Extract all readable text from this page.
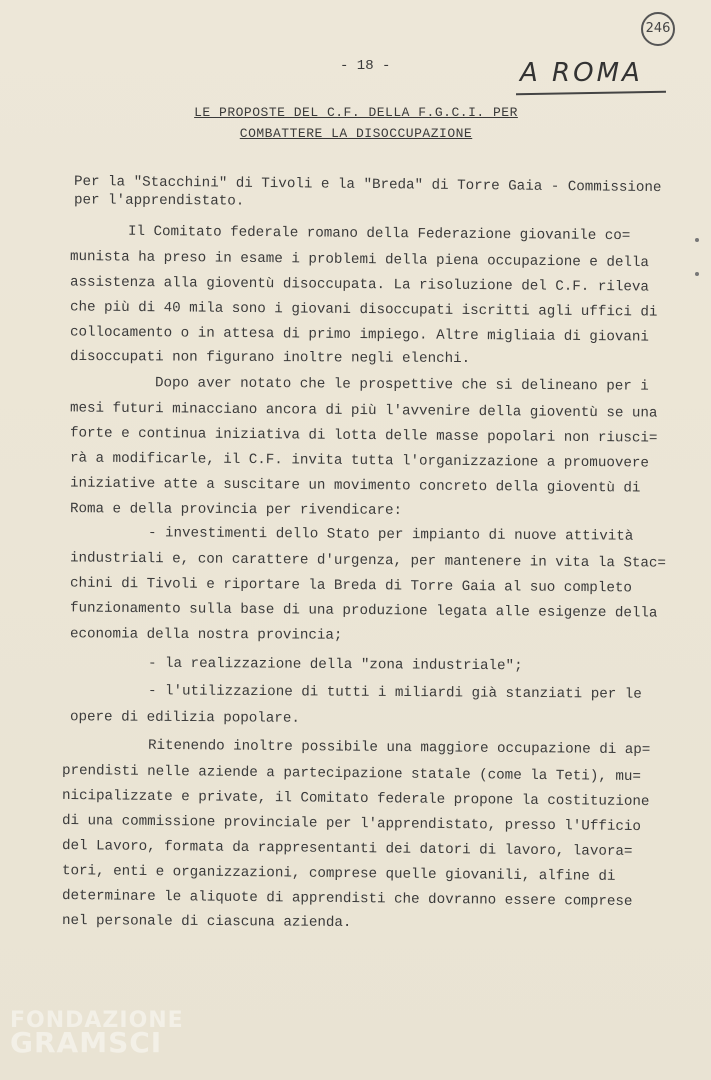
246
A ROMA
- 18 -
LE PROPOSTE DEL C.F. DELLA F.G.C.I. PER
COMBATTERE LA DISOCCUPAZIONE
Per la "Stacchini" di Tivoli e la "Breda" di Torre Gaia - Commissione
per l'apprendistato.
Il Comitato federale romano della Federazione giovanile co=
munista ha preso in esame i problemi della piena occupazione e della
assistenza alla gioventù disoccupata. La risoluzione del C.F. rileva
che più di 40 mila sono i giovani disoccupati iscritti agli uffici di
collocamento o in attesa di primo impiego. Altre migliaia di giovani
disoccupati non figurano inoltre negli elenchi.
Dopo aver notato che le prospettive che si delineano per i
mesi futuri minacciano ancora di più l'avvenire della gioventù se una
forte e continua iniziativa di lotta delle masse popolari non riusci=
rà a modificarle, il C.F. invita tutta l'organizzazione a promuovere
iniziative atte a suscitare un movimento concreto della gioventù di
Roma e della provincia per rivendicare:
- investimenti dello Stato per impianto di nuove attività
industriali e, con carattere d'urgenza, per mantenere in vita la Stac=
chini di Tivoli e riportare la Breda di Torre Gaia al suo completo
funzionamento sulla base di una produzione legata alle esigenze della
economia della nostra provincia;
- la realizzazione della "zona industriale";
- l'utilizzazione di tutti i miliardi già stanziati per le
opere di edilizia popolare.
Ritenendo inoltre possibile una maggiore occupazione di ap=
prendisti nelle aziende a partecipazione statale (come la Teti), mu=
nicipalizzate e private, il Comitato federale propone la costituzione
di una commissione provinciale per l'apprendistato, presso l'Ufficio
del Lavoro, formata da rappresentanti dei datori di lavoro, lavora=
tori, enti e organizzazioni, comprese quelle giovanili, alfine di
determinare le aliquote di apprendisti che dovranno essere comprese
nel personale di ciascuna azienda.
FONDAZIONE
GRAMSCI
